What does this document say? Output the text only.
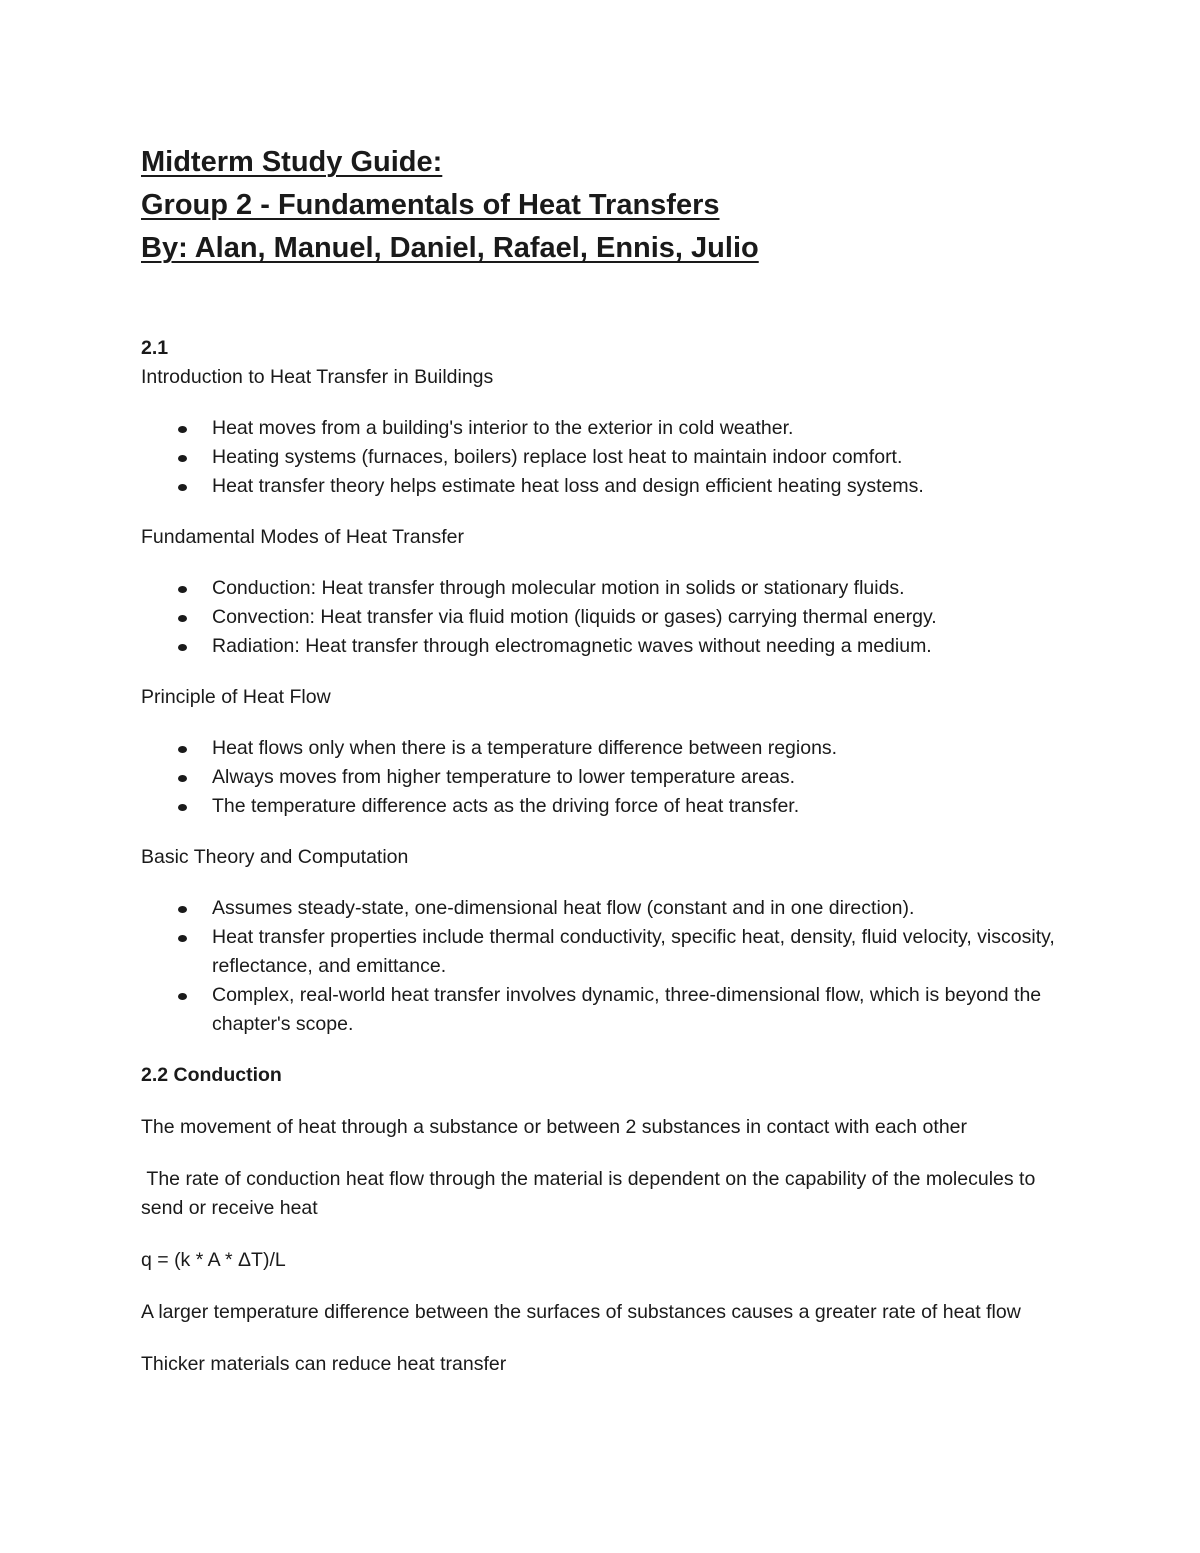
Midterm Study Guide:
Group 2 - Fundamentals of Heat Transfers
By: Alan, Manuel, Daniel, Rafael, Ennis, Julio

2.1

Introduction to Heat Transfer in Buildings

Heat moves from a building's interior to the exterior in cold weather.
Heating systems (furnaces, boilers) replace lost heat to maintain indoor comfort.
Heat transfer theory helps estimate heat loss and design efficient heating systems.

Fundamental Modes of Heat Transfer

Conduction: Heat transfer through molecular motion in solids or stationary fluids.
Convection: Heat transfer via fluid motion (liquids or gases) carrying thermal energy.
Radiation: Heat transfer through electromagnetic waves without needing a medium.

Principle of Heat Flow

Heat flows only when there is a temperature difference between regions.
Always moves from higher temperature to lower temperature areas.
The temperature difference acts as the driving force of heat transfer.

Basic Theory and Computation

Assumes steady-state, one-dimensional heat flow (constant and in one direction).
Heat transfer properties include thermal conductivity, specific heat, density, fluid velocity, viscosity, reflectance, and emittance.
Complex, real-world heat transfer involves dynamic, three-dimensional flow, which is beyond the chapter's scope.

2.2 Conduction

The movement of heat through a substance or between 2 substances in contact with each other

The rate of conduction heat flow through the material is dependent on the capability of the molecules to send or receive heat

q = (k * A * ΔT)/L

A larger temperature difference between the surfaces of substances causes a greater rate of heat flow

Thicker materials can reduce heat transfer
